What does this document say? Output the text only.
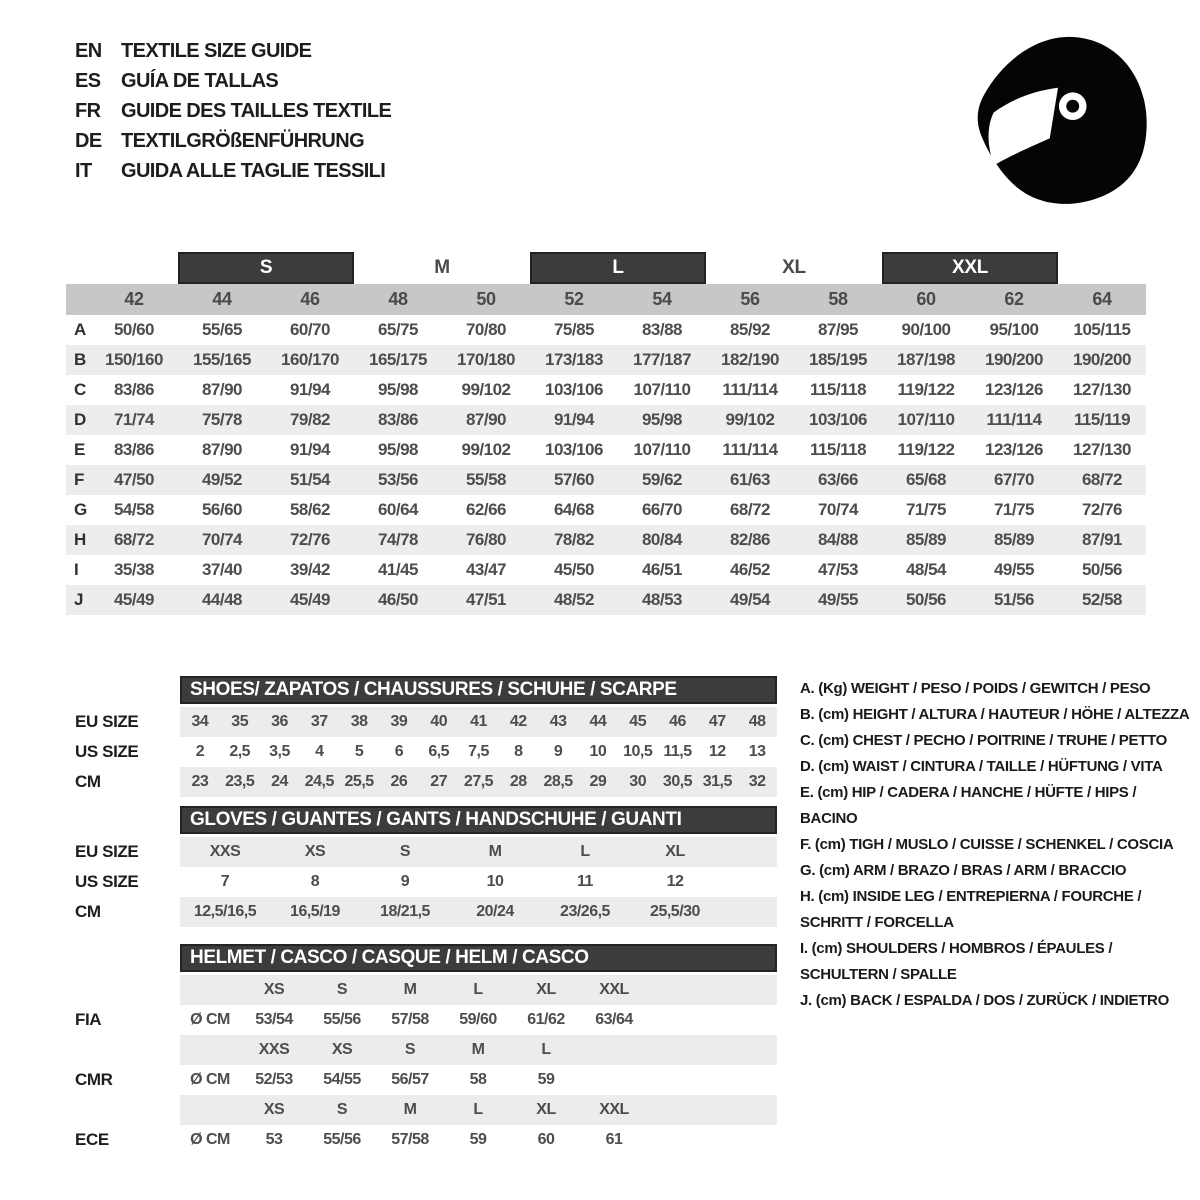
EN TEXTILE SIZE GUIDE
ES	GUÍA DE TALLAS
FR	GUIDE DES TAILLES TEXTILE
DE TEXTILGRÖßENFÜHRUNG
IT	GUIDA ALLE TAGLIE TESSILI
S	M	L	XL	XXL
42	44	46	48	50	52	54	56	58	60	62	64
A	50/60	55/65	60/70	65/75	70/80	75/85	83/88	85/92	87/95	90/100	95/100	105/115
B	150/160	155/165	160/170	165/175	170/180	173/183	177/187	182/190	185/195	187/198	190/200	190/200
C	83/86	87/90	91/94	95/98	99/102	103/106	107/110	111/114	115/118	119/122	123/126	127/130
D	71/74	75/78	79/82	83/86	87/90	91/94	95/98	99/102	103/106	107/110	111/114	115/119
E	83/86	87/90	91/94	95/98	99/102	103/106	107/110	111/114	115/118	119/122	123/126	127/130
F	47/50	49/52	51/54	53/56	55/58	57/60	59/62	61/63	63/66	65/68	67/70	68/72
G	54/58	56/60	58/62	60/64	62/66	64/68	66/70	68/72	70/74	71/75	71/75	72/76
H	68/72	70/74	72/76	74/78	76/80	78/82	80/84	82/86	84/88	85/89	85/89	87/91
I	35/38	37/40	39/42	41/45	43/47	45/50	46/51	46/52	47/53	48/54	49/55	50/56
J	45/49	44/48	45/49	46/50	47/51	48/52	48/53	49/54	49/55	50/56	51/56	52/58
SHOES/ ZAPATOS / CHAUSSURES / SCHUHE / SCARPE
EU SIZE	34	35	36	37	38	39	40	41	42	43	44	45	46	47	48
US SIZE	2	2,5	3,5	4	5	6	6,5	7,5	8	9	10	10,5 11,5	12	13
CM	23	23,5	24	24,5 25,5	26	27	27,5	28	28,5	29	30	30,5 31,5	32
GLOVES / GUANTES / GANTS / HANDSCHUHE / GUANTI
EU SIZE	XXS	XS	S	M	L	XL
US SIZE	7	8	9	10	11	12
CM	12,5/16,5	16,5/19	18/21,5	20/24	23/26,5	25,5/30
HELMET / CASCO / CASQUE / HELM / CASCO
XS	S	M	L	XL	XXL
FIA	Ø CM	53/54	55/56	57/58	59/60	61/62	63/64
XXS	XS	S	M	L
CMR	Ø CM	52/53	54/55	56/57	58	59
XS	S	M	L	XL	XXL
ECE	Ø CM	53	55/56	57/58	59	60	61
A. (Kg) WEIGHT / PESO / POIDS / GEWITCH / PESO
B. (cm) HEIGHT / ALTURA / HAUTEUR / HÖHE / ALTEZZA
C. (cm) CHEST / PECHO / POITRINE / TRUHE / PETTO
D. (cm) WAIST / CINTURA / TAILLE / HÜFTUNG / VITA
E. (cm) HIP / CADERA / HANCHE / HÜFTE / HIPS / BACINO
F. (cm) TIGH / MUSLO / CUISSE / SCHENKEL / COSCIA
G. (cm) ARM / BRAZO / BRAS / ARM / BRACCIO
H. (cm) INSIDE LEG / ENTREPIERNA / FOURCHE / SCHRITT / FORCELLA
I. (cm) SHOULDERS / HOMBROS / ÉPAULES / SCHULTERN / SPALLE
J. (cm) BACK / ESPALDA / DOS / ZURÜCK / INDIETRO
